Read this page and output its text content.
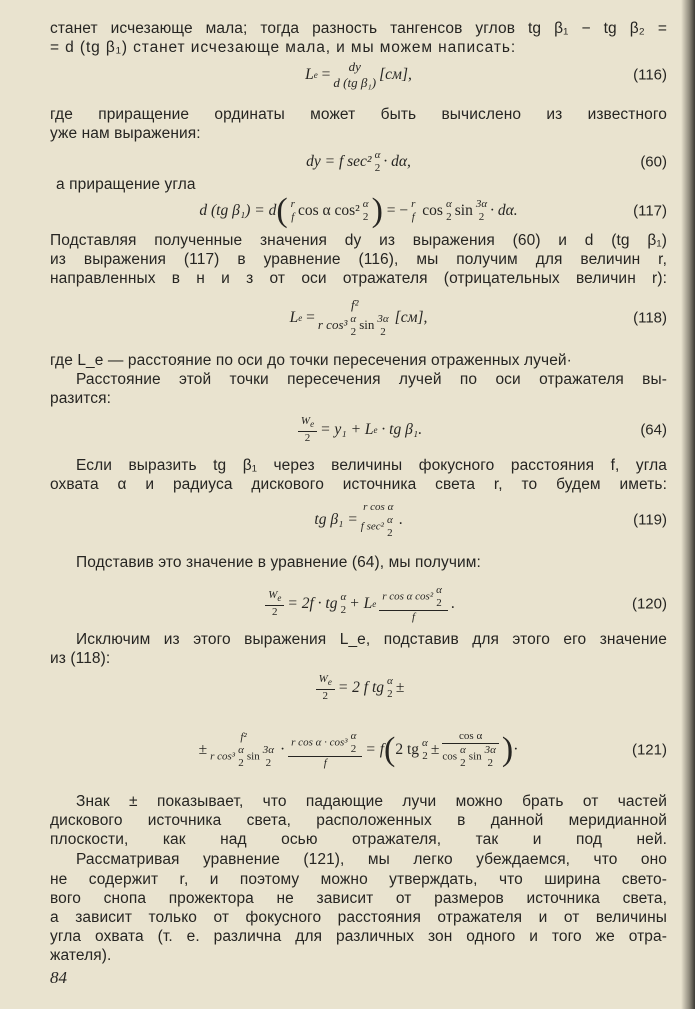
станет исчезающе мала; тогда разность тангенсов углов tg β₁ − tg β₂ =
= d (tg β₁) станет исчезающе мала, и мы можем написать:
L e
=	dy
d (tg β₁) [см],	(116)
где приращение ординаты может быть вычислено из известного
уже нам выражения:
dy = f sec² α
2 · dα,	(60)
а приращение угла
d (tg β₁) = d ( r
f cos α cos² α
2 )
= − r
f
cos α
2 sin 3α
2 · dα.	(117)
Подставляя полученные значения dy из выражения (60) и d (tg β₁)
из выражения (117) в уравнение (116), мы получим для величин r,
направленных в н и з от оси отражателя (отрицательных величин r):
L e
=
f²
r cos³ α
2
sin 3α
2
[см],	(118)
где L_e — расстояние по оси до точки пересечения отраженных лучей·
Расстояние этой точки пересечения лучей по оси отражателя вы-
разится:
$\frac{W_e}{2} = y_1 + L$ e
· tg β₁.	(64)
Если выразить tg β₁ через величины фокусного расстояния f, угла
охвата α и радиуса дискового источника света r, то будем иметь:
tg β₁ =
r cos α
f sec²
α
2
.	(119)
Подставив это значение в уравнение (64), мы получим:
$\frac{W_e}{2} = 2f$ · tg α
2 + L e r cos α cos²
α
2
f .	(120)
Исключим из этого выражения L_e, подставив для этого его значение
из (118):
$\frac{W_e}{2} = 2$ f tg α
2 ±
±
f²
r cos³
α
2
sin
3α
2
· r cos α · cos³
α
2
f = f ( 2 tg α
2 ± cos α
cos
α
2
sin
3α
2 ) ·	(121)
Знак ± показывает, что падающие лучи можно брать от частей
дискового источника света, расположенных в данной меридианной
плоскости, как над осью отражателя, так и под ней.
Рассматривая уравнение (121), мы легко убеждаемся, что оно
не содержит r, и поэтому можно утверждать, что ширина свето-
вого снопа прожектора не зависит от размеров источника света,
а зависит только от фокусного расстояния отражателя и от величины
угла охвата (т. е. различна для различных зон одного и того же отра-
жателя).
84
